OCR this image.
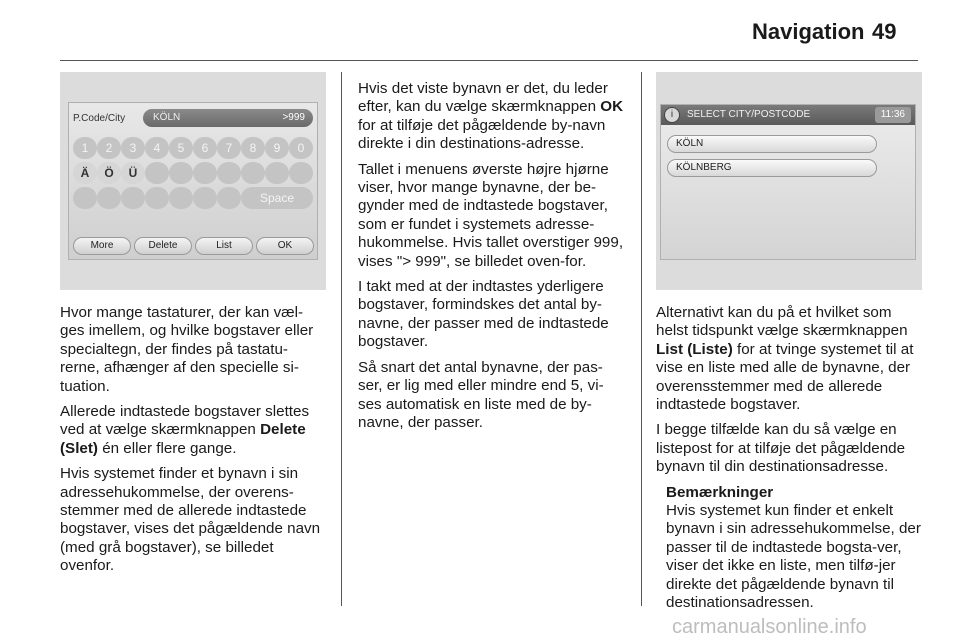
Navigation 49
P.Code/City	KÖLN	>999
1	2	3	4	5	6	7	8	9	0
Ä	Ö	Ü
Space
More	Delete	List	OK
i	SELECT CITY/POSTCODE	11:36
KÖLN
KÖLNBERG

Hvor mange tastaturer, der kan væl-ges imellem, og hvilke bogstaver eller specialtegn, der findes på tastatu-rerne, afhænger af den specielle si-tuation.

Allerede indtastede bogstaver slettes ved at vælge skærmknappen Delete (Slet) én eller flere gange.

Hvis systemet finder et bynavn i sin adressehukommelse, der overens-stemmer med de allerede indtastede bogstaver, vises det pågældende navn (med grå bogstaver), se billedet ovenfor.

Hvis det viste bynavn er det, du leder efter, kan du vælge skærmknappen OK for at tilføje det pågældende by-navn direkte i din destinations-adresse.

Tallet i menuens øverste højre hjørne viser, hvor mange bynavne, der be-gynder med de indtastede bogstaver, som er fundet i systemets adresse-hukommelse. Hvis tallet overstiger 999, vises "> 999", se billedet oven-for.

I takt med at der indtastes yderligere bogstaver, formindskes det antal by-navne, der passer med de indtastede bogstaver.

Så snart det antal bynavne, der pas-ser, er lig med eller mindre end 5, vi-ses automatisk en liste med de by-navne, der passer.

Alternativt kan du på et hvilket som helst tidspunkt vælge skærmknappen List (Liste) for at tvinge systemet til at vise en liste med alle de bynavne, der overensstemmer med de allerede indtastede bogstaver.

I begge tilfælde kan du så vælge en listepost for at tilføje det pågældende bynavn til din destinationsadresse.

Bemærkninger
Hvis systemet kun finder et enkelt bynavn i sin adressehukommelse, der passer til de indtastede bogsta-ver, viser det ikke en liste, men tilfø-jer direkte det pågældende bynavn til destinationsadressen.
carmanualsonline.info
